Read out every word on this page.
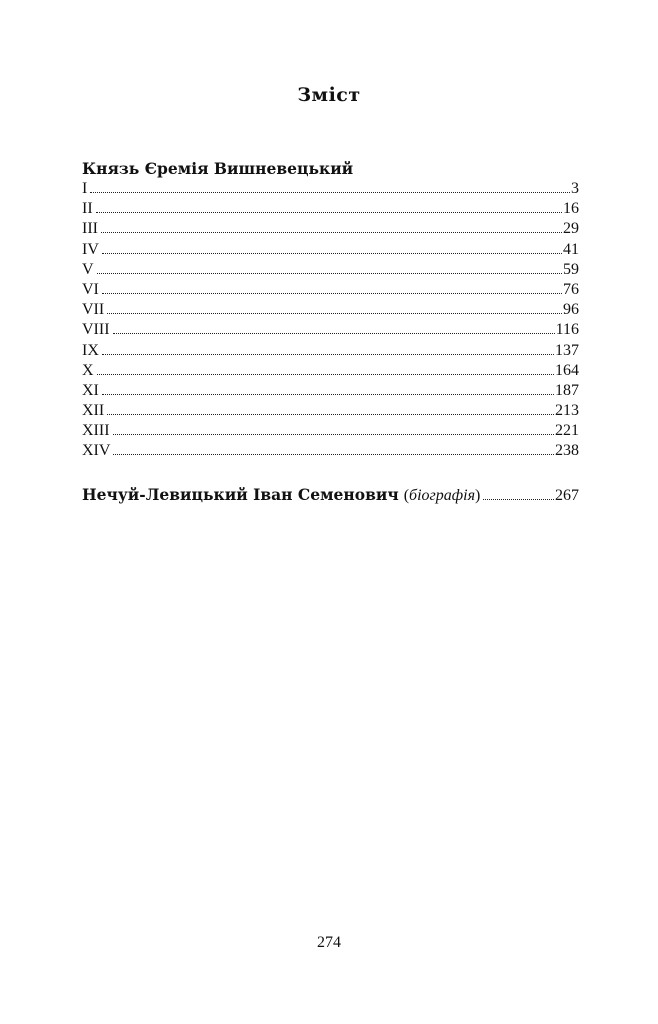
Зміст
Князь Єремія Вишневецький
I	3
II	16
III	29
IV	41
V	59
VI	76
VII	96
VIII	116
IX	137
X	164
XI	187
XII	213
XIII	221
XIV	238
Нечуй-Левицький Іван Семенович (біографія)	267
274
